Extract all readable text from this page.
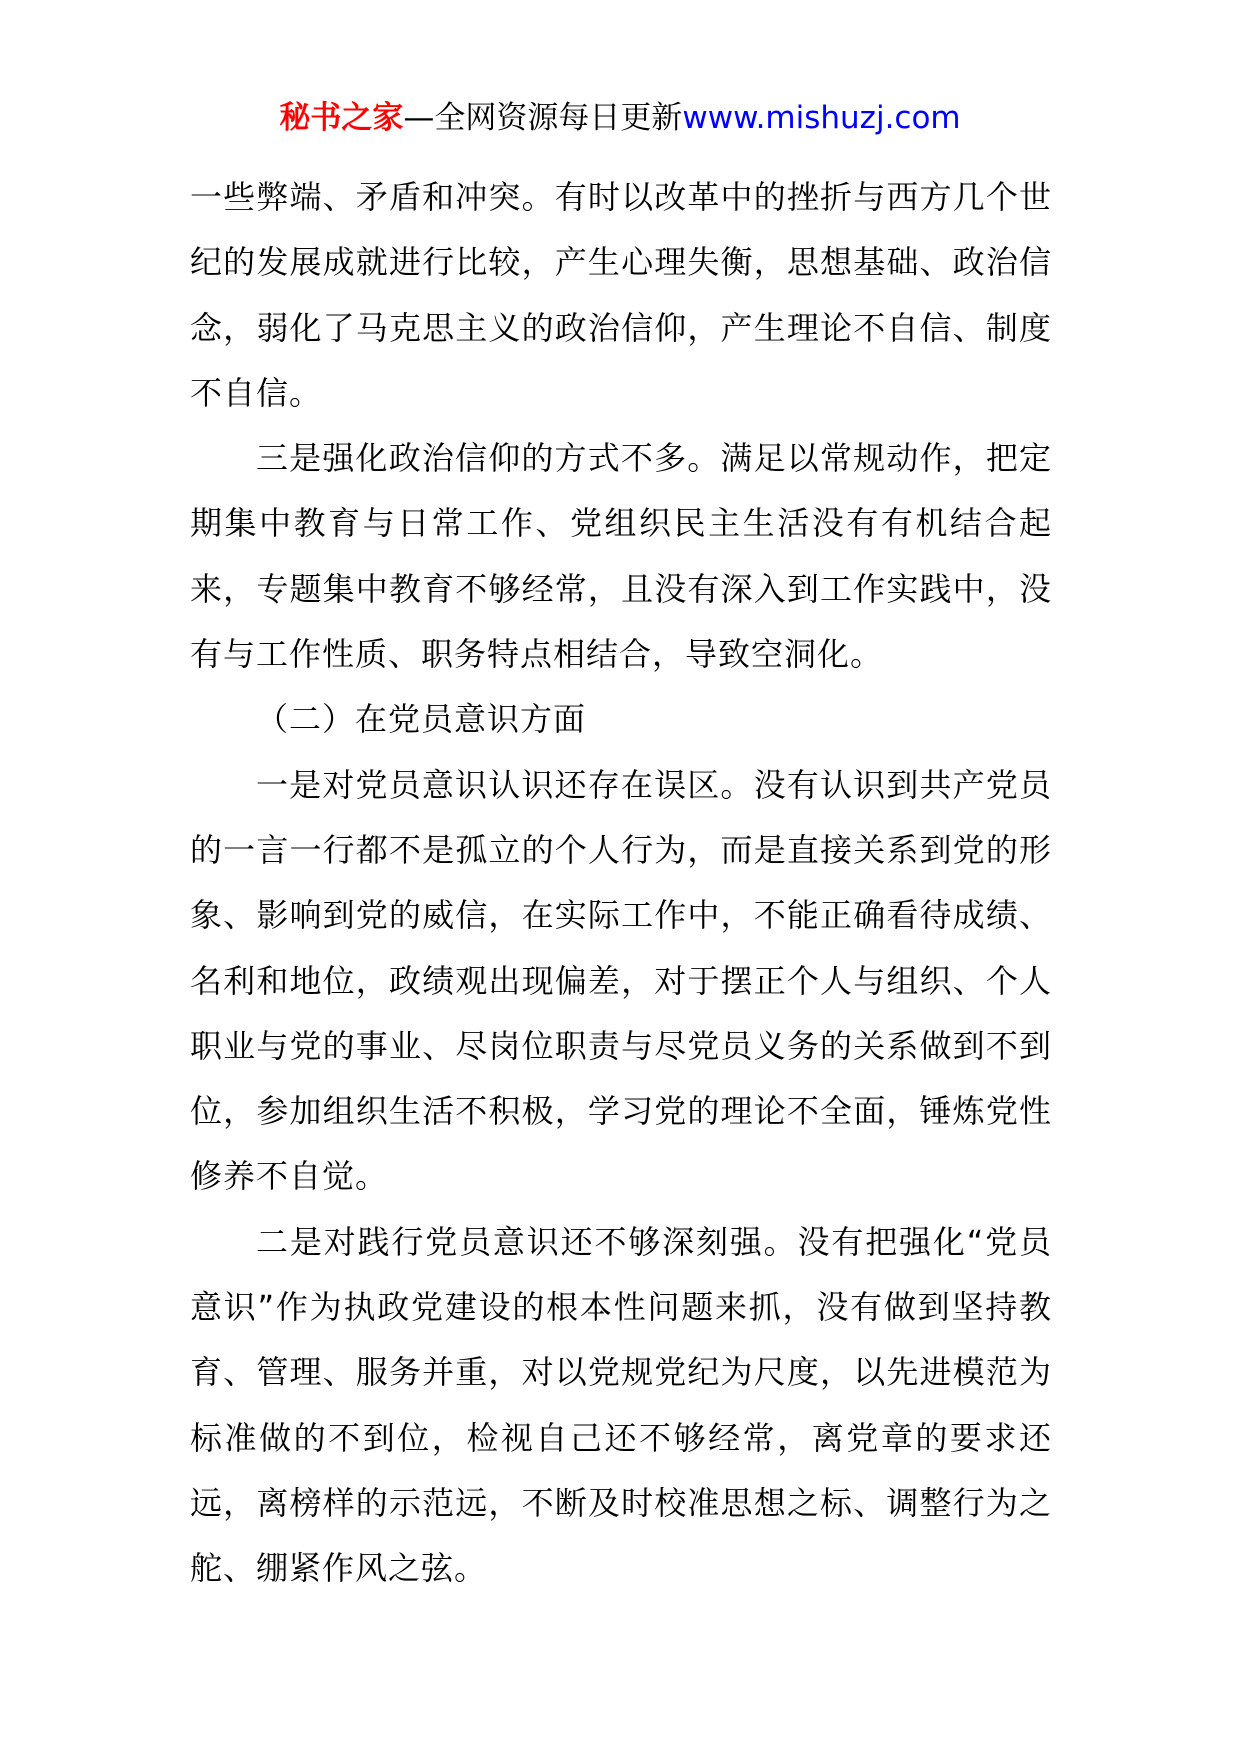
秘书之家—全网资源每日更新www.mishuzj.com

一些弊端、矛盾和冲突。有时以改革中的挫折与西方几个世纪的发展成就进行比较，产生心理失衡，思想基础、政治信念，弱化了马克思主义的政治信仰，产生理论不自信、制度不自信。

三是强化政治信仰的方式不多。满足以常规动作，把定期集中教育与日常工作、党组织民主生活没有有机结合起来，专题集中教育不够经常，且没有深入到工作实践中，没有与工作性质、职务特点相结合，导致空洞化。

（二）在党员意识方面

一是对党员意识认识还存在误区。没有认识到共产党员的一言一行都不是孤立的个人行为，而是直接关系到党的形象、影响到党的威信，在实际工作中，不能正确看待成绩、名利和地位，政绩观出现偏差，对于摆正个人与组织、个人职业与党的事业、尽岗位职责与尽党员义务的关系做到不到位，参加组织生活不积极，学习党的理论不全面，锤炼党性修养不自觉。

二是对践行党员意识还不够深刻强。没有把强化“党员意识”作为执政党建设的根本性问题来抓，没有做到坚持教育、管理、服务并重，对以党规党纪为尺度，以先进模范为标准做的不到位，检视自己还不够经常，离党章的要求还远，离榜样的示范远，不断及时校准思想之标、调整行为之舵、绷紧作风之弦。
